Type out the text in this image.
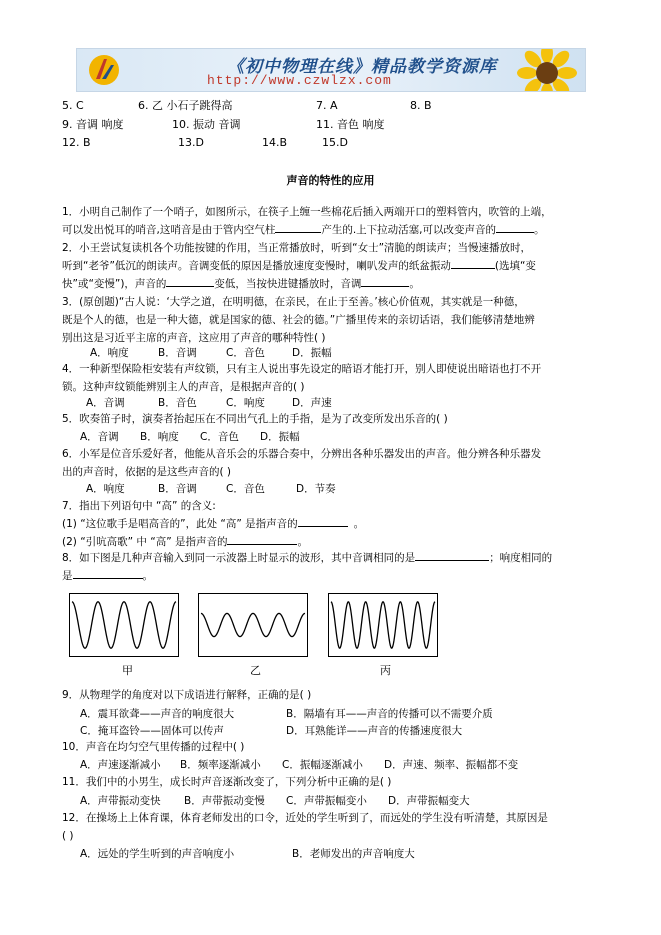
《初中物理在线》精品教学资源库
http://www.czwlzx.com
5. C	6. 乙 小石子跳得高	7. A	8. B
9. 音调 响度	10. 振动 音调	11. 音色 响度
12. B	13.D	14.B	15.D
声音的特性的应用
1．小明自己制作了一个哨子，如图所示，在筷子上缠一些棉花后插入两端开口的塑料管内，吹管的上端，
可以发出悦耳的哨音,这哨音是由于管内空气柱	产生的.上下拉动活塞,可以改变声音的	。
2．小王尝试复读机各个功能按键的作用，当正常播放时，听到“女士”清脆的朗读声；当慢速播放时，
听到“老爷”低沉的朗读声。音调变低的原因是播放速度变慢时，喇叭发声的纸盆振动	(选填“变
快”或“变慢”)，声音的	变低，当按快进键播放时，音调	。
3．(原创题)“古人说：‘大学之道，在明明德，在亲民，在止于至善。’核心价值观，其实就是一种德，
既是个人的德，也是一种大德，就是国家的德、社会的德。”广播里传来的亲切话语，我们能够清楚地辨
别出这是习近平主席的声音，这应用了声音的哪种特性( )
A．响度	B．音调	C．音色	D．振幅
4．一种新型保险柜安装有声纹锁，只有主人说出事先设定的暗语才能打开，别人即使说出暗语也打不开
锁。这种声纹锁能辨别主人的声音，是根据声音的( )
A．音调	B．音色	C．响度	D．声速
5．吹奏笛子时，演奏者抬起压在不同出气孔上的手指，是为了改变所发出乐音的( )
A．音调 B．响度 C．音色 D．振幅
6．小军是位音乐爱好者，他能从音乐会的乐器合奏中，分辨出各种乐器发出的声音。他分辨各种乐器发
出的声音时，依据的是这些声音的( )
A．响度	B．音调	C．音色	D．节奏
7．指出下列语句中 “高” 的含义:
(1) “这位歌手是唱高音的”，此处 “高” 是指声音的	。
(2) “引吭高歌” 中 “高” 是指声音的	。
8．如下图是几种声音输入到同一示波器上时显示的波形，其中音调相同的是	；响度相同的
是	。
甲	乙	丙
9．从物理学的角度对以下成语进行解释，正确的是( )
A．震耳欲聋——声音的响度很大	B．隔墙有耳——声音的传播可以不需要介质
C．掩耳盗铃——固体可以传声	D．耳熟能详——声音的传播速度很大
10．声音在均匀空气里传播的过程中( )
A．声速逐渐减小 B．频率逐渐减小 C．振幅逐渐减小 D．声速、频率、振幅都不变
11．我们中的小男生，成长时声音逐渐改变了，下列分析中正确的是( )
A．声带振动变快 B．声带振动变慢 C．声带振幅变小 D．声带振幅变大
12．在操场上上体育课，体育老师发出的口令，近处的学生听到了，而远处的学生没有听清楚，其原因是
( )
A．远处的学生听到的声音响度小	B．老师发出的声音响度大
